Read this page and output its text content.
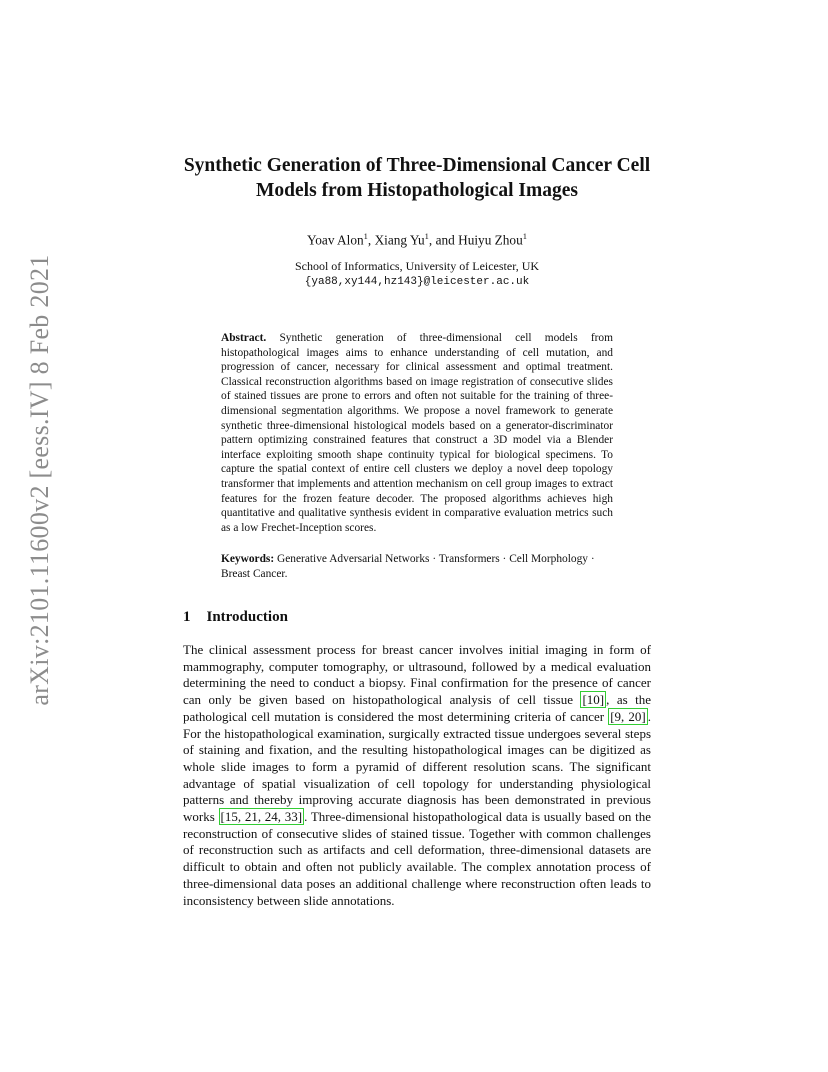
arXiv:2101.11600v2 [eess.IV] 8 Feb 2021
Synthetic Generation of Three-Dimensional Cancer Cell
Models from Histopathological Images
Yoav Alon$^1$, Xiang Yu$^1$, and Huiyu Zhou$^1$
School of Informatics, University of Leicester, UK
{ya88,xy144,hz143}@leicester.ac.uk
Abstract. Synthetic generation of three-dimensional cell models from histopathological images aims to enhance understanding of cell mutation, and progression of cancer, necessary for clinical assessment and optimal treatment. Classical reconstruction algorithms based on image registration of consecutive slides of stained tissues are prone to errors and often not suitable for the training of three-dimensional segmentation algorithms. We propose a novel framework to generate synthetic three-dimensional histological models based on a generator-discriminator pattern optimizing constrained features that construct a 3D model via a Blender interface exploiting smooth shape continuity typical for biological specimens. To capture the spatial context of entire cell clusters we deploy a novel deep topology transformer that implements and attention mechanism on cell group images to extract features for the frozen feature decoder. The proposed algorithms achieves high quantitative and qualitative synthesis evident in comparative evaluation metrics such as a low Frechet-Inception scores.
Keywords: Generative Adversarial Networks · Transformers · Cell Morphology · Breast Cancer.
1 Introduction
The clinical assessment process for breast cancer involves initial imaging in form of mammography, computer tomography, or ultrasound, followed by a medical evaluation determining the need to conduct a biopsy. Final confirmation for the presence of cancer can only be given based on histopathological analysis of cell tissue [10] , as the pathological cell mutation is considered the most determining criteria of cancer [9, 20] . For the histopathological examination, surgically extracted tissue undergoes several steps of staining and fixation, and the resulting histopathological images can be digitized as whole slide images to form a pyramid of different resolution scans. The significant advantage of spatial visualization of cell topology for understanding physiological patterns and thereby improving accurate diagnosis has been demonstrated in previous works [15, 21, 24, 33] . Three-dimensional histopathological data is usually based on the reconstruction of consecutive slides of stained tissue. Together with common challenges of reconstruction such as artifacts and cell deformation, three-dimensional datasets are difficult to obtain and often not publicly available. The complex annotation process of three-dimensional data poses an additional challenge where reconstruction often leads to inconsistency between slide annotations.
